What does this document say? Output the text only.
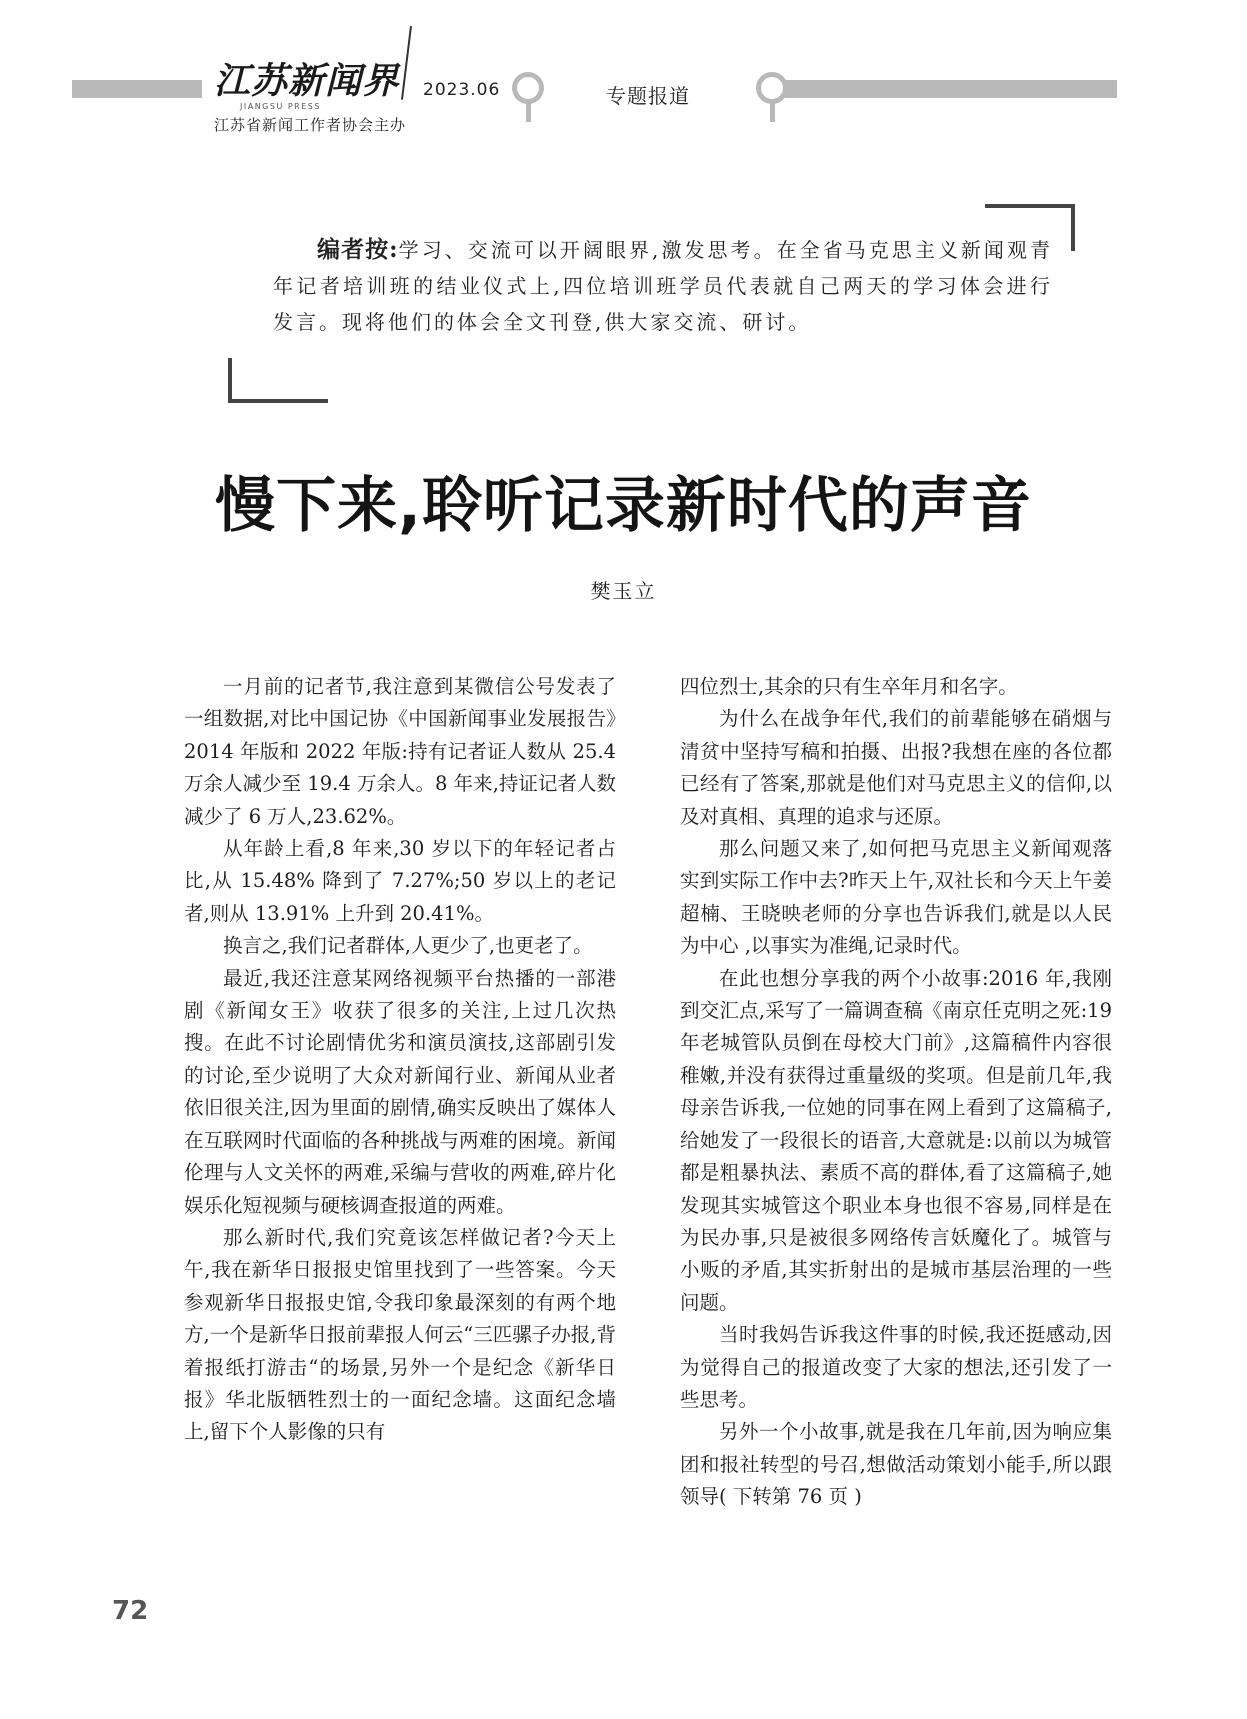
江苏新闻界
JIANGSU PRESS
2023.06
江苏省新闻工作者协会主办
专题报道
编者按:学习、交流可以开阔眼界,激发思考。在全省马克思主义新闻观青年记者培训班的结业仪式上,四位培训班学员代表就自己两天的学习体会进行发言。现将他们的体会全文刊登,供大家交流、研讨。
慢下来,聆听记录新时代的声音
樊玉立

一月前的记者节,我注意到某微信公号发表了一组数据,对比中国记协《中国新闻事业发展报告》2014 年版和 2022 年版:持有记者证人数从 25.4 万余人减少至 19.4 万余人。8 年来,持证记者人数减少了 6 万人,23.62%。

从年龄上看,8 年来,30 岁以下的年轻记者占比,从 15.48% 降到了 7.27%;50 岁以上的老记者,则从 13.91% 上升到 20.41%。

换言之,我们记者群体,人更少了,也更老了。

最近,我还注意某网络视频平台热播的一部港剧《新闻女王》收获了很多的关注,上过几次热搜。在此不讨论剧情优劣和演员演技,这部剧引发的讨论,至少说明了大众对新闻行业、新闻从业者依旧很关注,因为里面的剧情,确实反映出了媒体人在互联网时代面临的各种挑战与两难的困境。新闻伦理与人文关怀的两难,采编与营收的两难,碎片化娱乐化短视频与硬核调查报道的两难。

那么新时代,我们究竟该怎样做记者?今天上午,我在新华日报报史馆里找到了一些答案。今天参观新华日报报史馆,令我印象最深刻的有两个地方,一个是新华日报前辈报人何云“三匹骡子办报,背着报纸打游击“的场景,另外一个是纪念《新华日报》华北版牺牲烈士的一面纪念墙。这面纪念墙上,留下个人影像的只有

四位烈士,其余的只有生卒年月和名字。

为什么在战争年代,我们的前辈能够在硝烟与清贫中坚持写稿和拍摄、出报?我想在座的各位都已经有了答案,那就是他们对马克思主义的信仰,以及对真相、真理的追求与还原。

那么问题又来了,如何把马克思主义新闻观落实到实际工作中去?昨天上午,双社长和今天上午姜超楠、王晓映老师的分享也告诉我们,就是以人民为中心 ,以事实为准绳,记录时代。

在此也想分享我的两个小故事:2016 年,我刚到交汇点,采写了一篇调查稿《南京任克明之死:19 年老城管队员倒在母校大门前》,这篇稿件内容很稚嫩,并没有获得过重量级的奖项。但是前几年,我母亲告诉我,一位她的同事在网上看到了这篇稿子,给她发了一段很长的语音,大意就是:以前以为城管都是粗暴执法、素质不高的群体,看了这篇稿子,她发现其实城管这个职业本身也很不容易,同样是在为民办事,只是被很多网络传言妖魔化了。城管与小贩的矛盾,其实折射出的是城市基层治理的一些问题。

当时我妈告诉我这件事的时候,我还挺感动,因为觉得自己的报道改变了大家的想法,还引发了一些思考。

另外一个小故事,就是我在几年前,因为响应集团和报社转型的号召,想做活动策划小能手,所以跟领导( 下转第 76 页 )

72
